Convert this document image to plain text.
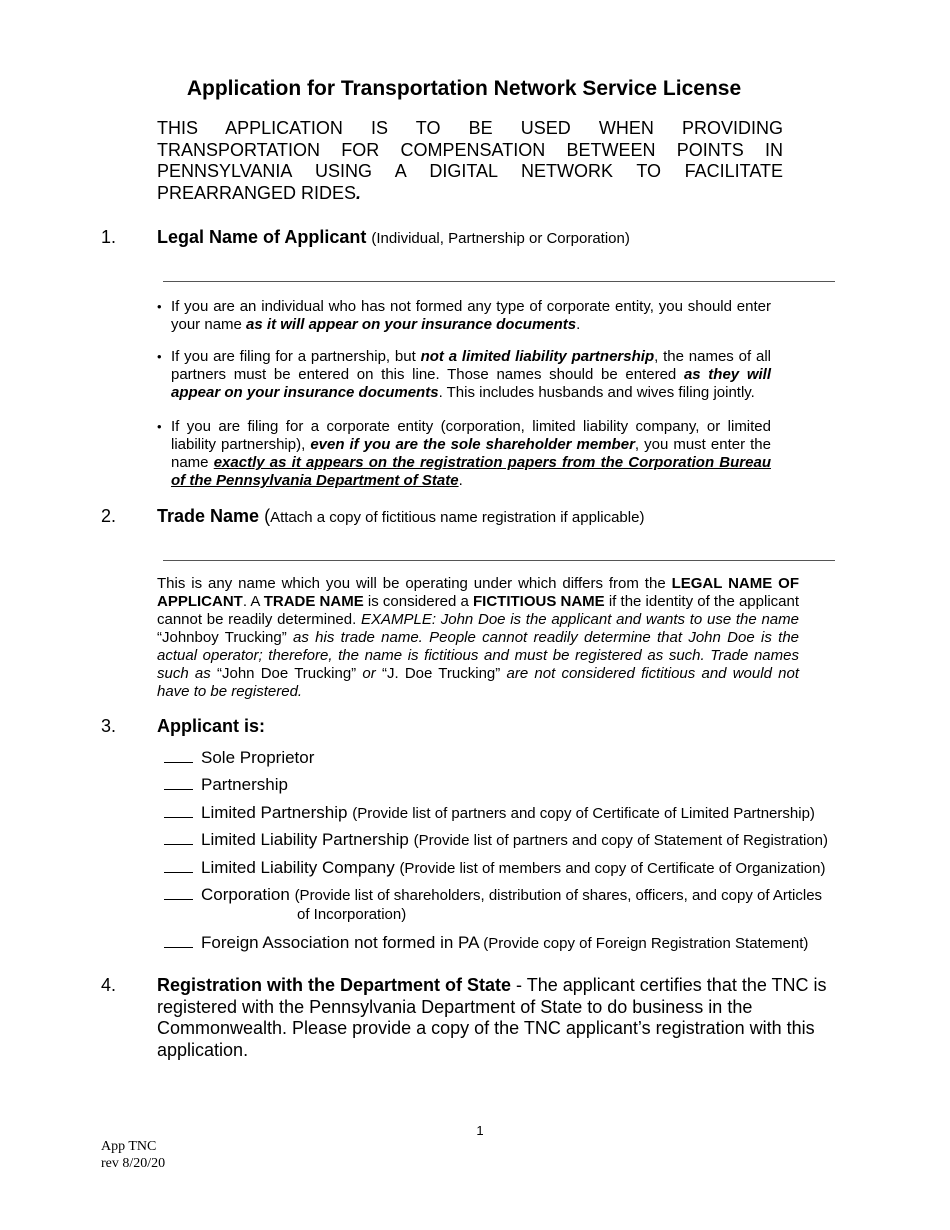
Application for Transportation Network Service License
THIS APPLICATION IS TO BE USED WHEN PROVIDING TRANSPORTATION FOR COMPENSATION BETWEEN POINTS IN PENNSYLVANIA USING A DIGITAL NETWORK TO FACILITATE
PREARRANGED RIDES.
1. Legal Name of Applicant (Individual, Partnership or Corporation)
• If you are an individual who has not formed any type of corporate entity, you should enter your name as it will appear on your insurance documents.
• If you are filing for a partnership, but not a limited liability partnership, the names of all partners must be entered on this line. Those names should be entered as they will appear on your insurance documents. This includes husbands and wives filing jointly.
• If you are filing for a corporate entity (corporation, limited liability company, or limited liability partnership), even if you are the sole shareholder member, you must enter the name exactly as it appears on the registration papers from the Corporation Bureau of the Pennsylvania Department of State.
2. Trade Name (Attach a copy of fictitious name registration if applicable)
This is any name which you will be operating under which differs from the LEGAL NAME OF APPLICANT. A TRADE NAME is considered a FICTITIOUS NAME if the identity of the applicant cannot be readily determined. EXAMPLE: John Doe is the applicant and wants to use the name “Johnboy Trucking” as his trade name. People cannot readily determine that John Doe is the actual operator; therefore, the name is fictitious and must be registered as such. Trade names such as “John Doe Trucking” or “J. Doe Trucking” are not considered fictitious and would not have to be registered.
3. Applicant is:
Sole Proprietor
Partnership
Limited Partnership (Provide list of partners and copy of Certificate of Limited Partnership)
Limited Liability Partnership (Provide list of partners and copy of Statement of Registration)
Limited Liability Company (Provide list of members and copy of Certificate of Organization)
Corporation (Provide list of shareholders, distribution of shares, officers, and copy of Articles
of Incorporation)
Foreign Association not formed in PA (Provide copy of Foreign Registration Statement)
4. Registration with the Department of State - The applicant certifies that the TNC is registered with the Pennsylvania Department of State to do business in the Commonwealth. Please provide a copy of the TNC applicant’s registration with this application.
1
App TNC
rev 8/20/20
